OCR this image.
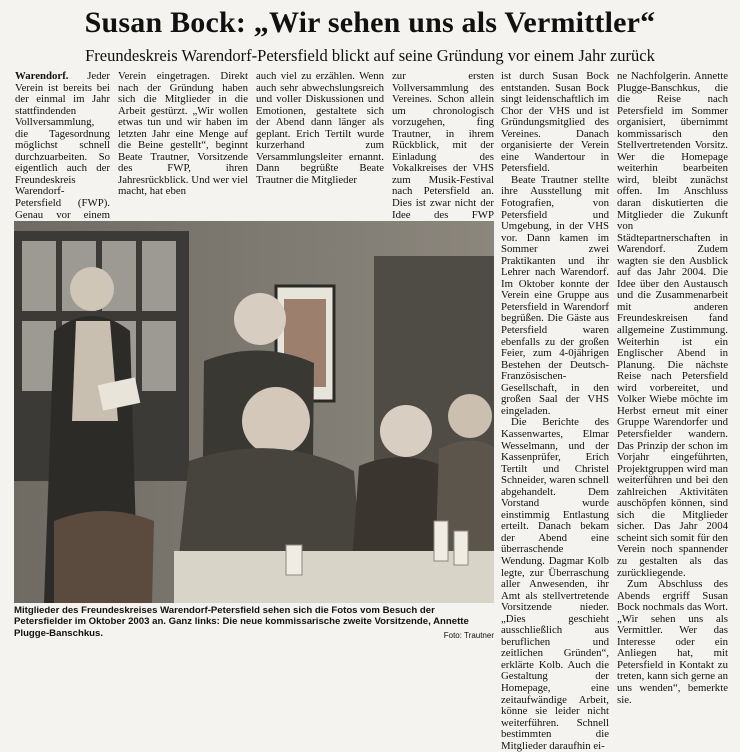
Susan Bock: „Wir sehen uns als Vermittler“
Freundeskreis Warendorf-Petersfield blickt auf seine Gründung vor einem Jahr zurück

Warendorf. Jeder Verein ist bereits bei der einmal im Jahr stattfindenden Vollversammlung, die Tagesordnung möglichst schnell durchzuarbeiten. So eigentlich auch der Freundeskreis Warendorf-Petersfield (FWP). Genau vor einem

Verein eingetragen. Direkt nach der Gründung haben sich die Mitglieder in die Arbeit gestürzt. „Wir wollen etwas tun und wir haben im letzten Jahr eine Menge auf die Beine gestellt“, beginnt Beate Trautner, Vorsitzende des FWP, ihren Jahresrückblick. Und wer viel macht, hat eben

auch viel zu erzählen. Wenn auch sehr abwechslungsreich und voller Diskussionen und Emotionen, gestaltete sich der Abend dann länger als geplant. Erich Tertilt wurde kurzerhand zum Versammlungsleiter ernannt. Dann begrüßte Beate Trautner die Mitglieder

zur ersten Vollversammlung des Vereines. Schon allein um chronologisch vorzugehen, fing Trautner, in ihrem Rückblick, mit der Einladung des Vokalkreises der VHS zum Musik-Festival nach Petersfield an. Dies ist zwar nicht der Idee des FWP

ist durch Susan Bock entstanden. Susan Bock singt leidenschaftlich im Chor der VHS und ist Gründungsmitglied des Vereines. Danach organisierte der Verein eine Wandertour in Petersfield.

Beate Trautner stellte ihre Ausstellung mit Fotografien, von Petersfield und Umgebung, in der VHS vor. Dann kamen im Sommer zwei Praktikanten und ihr Lehrer nach Warendorf. Im Oktober konnte der Verein eine Gruppe aus Petersfield in Warendorf begrüßen. Die Gäste aus Petersfield waren ebenfalls zu der großen Feier, zum 4-0jährigen Bestehen der Deutsch-Französischen-Gesellschaft, in den großen Saal der VHS eingeladen.

Die Berichte des Kassenwartes, Elmar Wesselmann, und der Kassenprüfer, Erich Tertilt und Christel Schneider, waren schnell abgehandelt. Dem Vorstand wurde einstimmig Entlastung erteilt. Danach bekam der Abend eine überraschende Wendung. Dagmar Kolb legte, zur Überraschung aller Anwesenden, ihr Amt als stellvertretende Vorsitzende nieder. „Dies geschieht ausschließlich aus beruflichen und zeitlichen Gründen“, erklärte Kolb. Auch die Gestaltung der Homepage, eine zeitaufwändige Arbeit, könne sie leider nicht weiterführen. Schnell bestimmten die Mitglieder daraufhin ei-

ne Nachfolgerin. Annette Plugge-Banschkus, die die Reise nach Petersfield im Sommer organisiert, übernimmt kommissarisch den Stellvertretenden Vorsitz. Wer die Homepage weiterhin bearbeiten wird, bleibt zunächst offen. Im Anschluss daran diskutierten die Mitglieder die Zukunft von Städtepartnerschaften in Warendorf. Zudem wagten sie den Ausblick auf das Jahr 2004. Die Idee über den Austausch und die Zusammenarbeit mit anderen Freundeskreisen fand allgemeine Zustimmung. Weiterhin ist ein Englischer Abend in Planung. Die nächste Reise nach Petersfield wird vorbereitet, und Volker Wiebe möchte im Herbst erneut mit einer Gruppe Warendorfer und Petersfielder wandern. Das Prinzip der schon im Vorjahr eingeführten, Projektgruppen wird man weiterführen und bei den zahlreichen Aktivitäten auschöpfen können, sind sich die Mitglieder sicher. Das Jahr 2004 scheint sich somit für den Verein noch spannender zu gestalten als das zurückliegende.

Zum Abschluss des Abends ergriff Susan Bock nochmals das Wort. „Wir sehen uns als Vermittler. Wer das Interesse oder ein Anliegen hat, mit Petersfield in Kontakt zu treten, kann sich gerne an uns wenden“, bemerkte sie.

Mitglieder des Freundeskreises Warendorf-Petersfield sehen sich die Fotos vom Besuch der Petersfielder im Oktober 2003 an. Ganz links: Die neue kommissarische zweite Vorsitzende, Annette Plugge-Banschkus.	Foto: Trautner
